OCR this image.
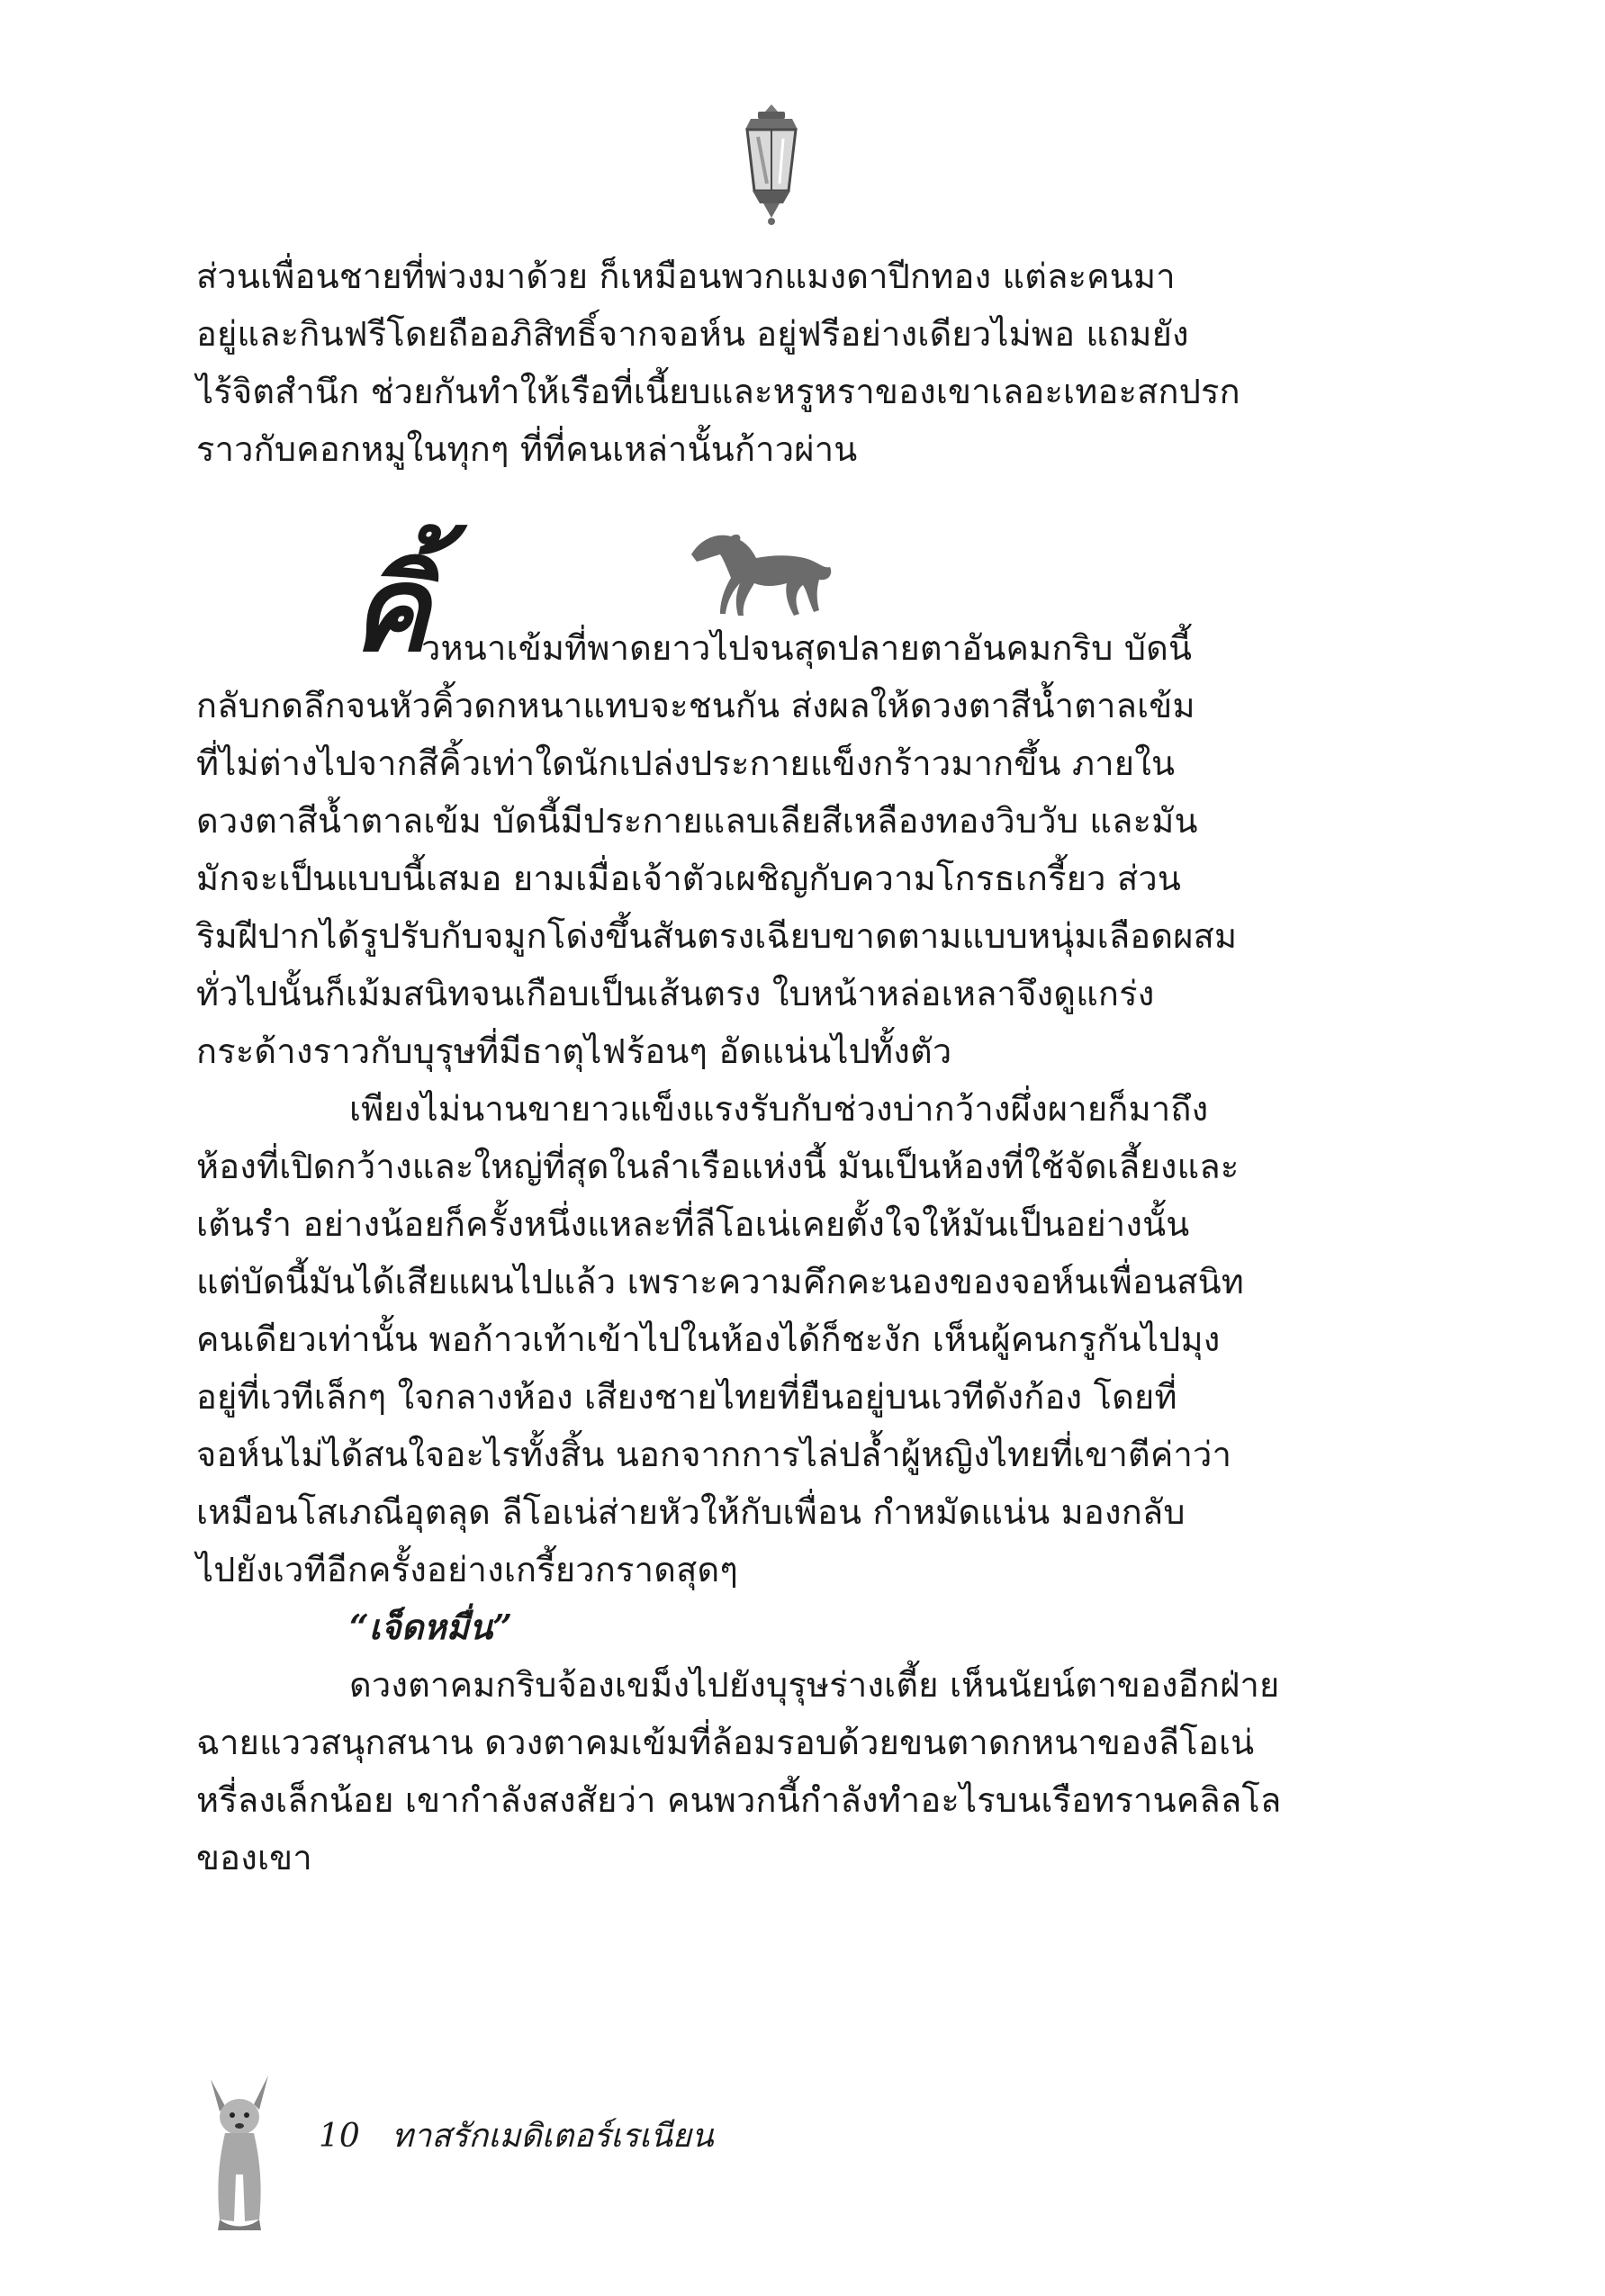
ส่วนเพื่อนชายที่พ่วงมาด้วย ก็เหมือนพวกแมงดาปีกทอง แต่ละคนมา
อยู่และกินฟรีโดยถืออภิสิทธิ์จากจอห์น อยู่ฟรีอย่างเดียวไม่พอ แถมยัง
ไร้จิตสำนึก ช่วยกันทำให้เรือที่เนี้ยบและหรูหราของเขาเลอะเทอะสกปรก
ราวกับคอกหมูในทุกๆ ที่ที่คนเหล่านั้นก้าวผ่าน
คิ้
วหนาเข้มที่พาดยาวไปจนสุดปลายตาอันคมกริบ บัดนี้
กลับกดลึกจนหัวคิ้วดกหนาแทบจะชนกัน ส่งผลให้ดวงตาสีน้ำตาลเข้ม
ที่ไม่ต่างไปจากสีคิ้วเท่าใดนักเปล่งประกายแข็งกร้าวมากขึ้น ภายใน
ดวงตาสีน้ำตาลเข้ม บัดนี้มีประกายแลบเลียสีเหลืองทองวิบวับ และมัน
มักจะเป็นแบบนี้เสมอ ยามเมื่อเจ้าตัวเผชิญกับความโกรธเกรี้ยว ส่วน
ริมฝีปากได้รูปรับกับจมูกโด่งขึ้นสันตรงเฉียบขาดตามแบบหนุ่มเลือดผสม
ทั่วไปนั้นก็เม้มสนิทจนเกือบเป็นเส้นตรง ใบหน้าหล่อเหลาจึงดูแกร่ง
กระด้างราวกับบุรุษที่มีธาตุไฟร้อนๆ อัดแน่นไปทั้งตัว
เพียงไม่นานขายาวแข็งแรงรับกับช่วงบ่ากว้างผึ่งผายก็มาถึง
ห้องที่เปิดกว้างและใหญ่ที่สุดในลำเรือแห่งนี้ มันเป็นห้องที่ใช้จัดเลี้ยงและ
เต้นรำ อย่างน้อยก็ครั้งหนึ่งแหละที่ลีโอเน่เคยตั้งใจให้มันเป็นอย่างนั้น
แต่บัดนี้มันได้เสียแผนไปแล้ว เพราะความคึกคะนองของจอห์นเพื่อนสนิท
คนเดียวเท่านั้น พอก้าวเท้าเข้าไปในห้องได้ก็ชะงัก เห็นผู้คนกรูกันไปมุง
อยู่ที่เวทีเล็กๆ ใจกลางห้อง เสียงชายไทยที่ยืนอยู่บนเวทีดังก้อง โดยที่
จอห์นไม่ได้สนใจอะไรทั้งสิ้น นอกจากการไล่ปล้ำผู้หญิงไทยที่เขาตีค่าว่า
เหมือนโสเภณีอุตลุด ลีโอเน่ส่ายหัวให้กับเพื่อน กำหมัดแน่น มองกลับ
ไปยังเวทีอีกครั้งอย่างเกรี้ยวกราดสุดๆ
“เจ็ดหมื่น”
ดวงตาคมกริบจ้องเขม็งไปยังบุรุษร่างเตี้ย เห็นนัยน์ตาของอีกฝ่าย
ฉายแววสนุกสนาน ดวงตาคมเข้มที่ล้อมรอบด้วยขนตาดกหนาของลีโอเน่
หรี่ลงเล็กน้อย เขากำลังสงสัยว่า คนพวกนี้กำลังทำอะไรบนเรือทรานคลิลโล
ของเขา
10 ทาสรักเมดิเตอร์เรเนียน
